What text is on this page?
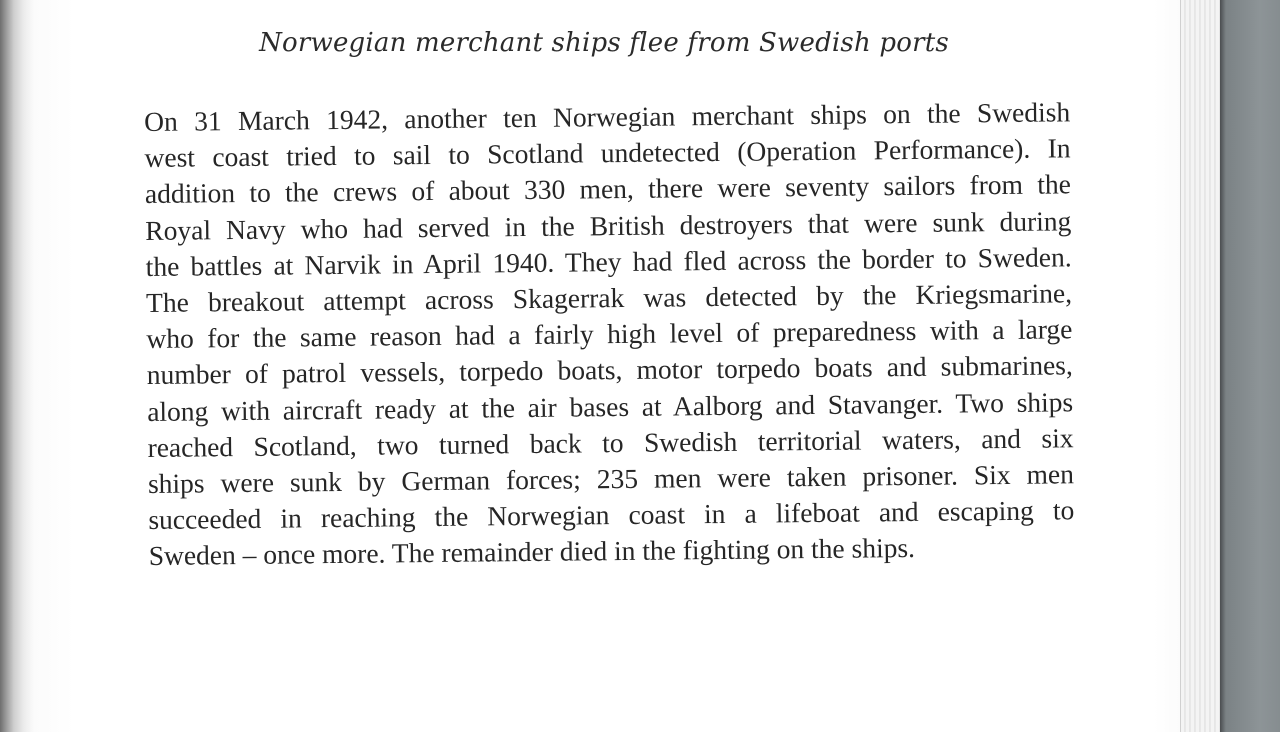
Norwegian merchant ships flee from Swedish ports
On 31 March 1942, another ten Norwegian merchant ships on the Swedish
west coast tried to sail to Scotland undetected (Operation Performance). In
addition to the crews of about 330 men, there were seventy sailors from the
Royal Navy who had served in the British destroyers that were sunk during
the battles at Narvik in April 1940. They had fled across the border to Sweden.
The breakout attempt across Skagerrak was detected by the Kriegsmarine,
who for the same reason had a fairly high level of preparedness with a large
number of patrol vessels, torpedo boats, motor torpedo boats and submarines,
along with aircraft ready at the air bases at Aalborg and Stavanger. Two ships
reached Scotland, two turned back to Swedish territorial waters, and six
ships were sunk by German forces; 235 men were taken prisoner. Six men
succeeded in reaching the Norwegian coast in a lifeboat and escaping to
Sweden – once more. The remainder died in the fighting on the ships.
